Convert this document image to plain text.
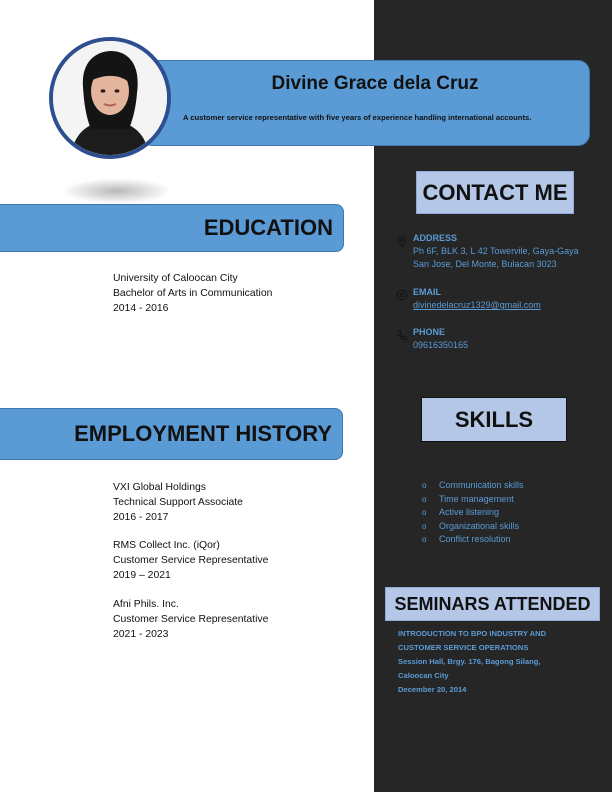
Divine Grace dela Cruz
A customer service representative with five years of experience handling international accounts.
EDUCATION
University of Caloocan City
Bachelor of Arts in Communication
2014 - 2016
EMPLOYMENT HISTORY
VXI Global Holdings
Technical Support Associate
2016 - 2017
RMS Collect Inc. (iQor)
Customer Service Representative
2019 – 2021
Afni Phils. Inc.
Customer Service Representative
2021 - 2023
CONTACT ME
ADDRESS
Ph 6F, BLK 3, L 42 Towervile, Gaya-Gaya
San Jose, Del Monte, Bulacan 3023
EMAIL
divinedelacruz1329@gmail.com
PHONE
09616350165
SKILLS
o Communication skills
o Time management
o Active listening
o Organizational skills
o Conflict resolution
SEMINARS ATTENDED
INTRODUCTION TO BPO INDUSTRY AND
CUSTOMER SERVICE OPERATIONS
Session Hall, Brgy. 176, Bagong Silang,
Caloocan City
December 20, 2014
